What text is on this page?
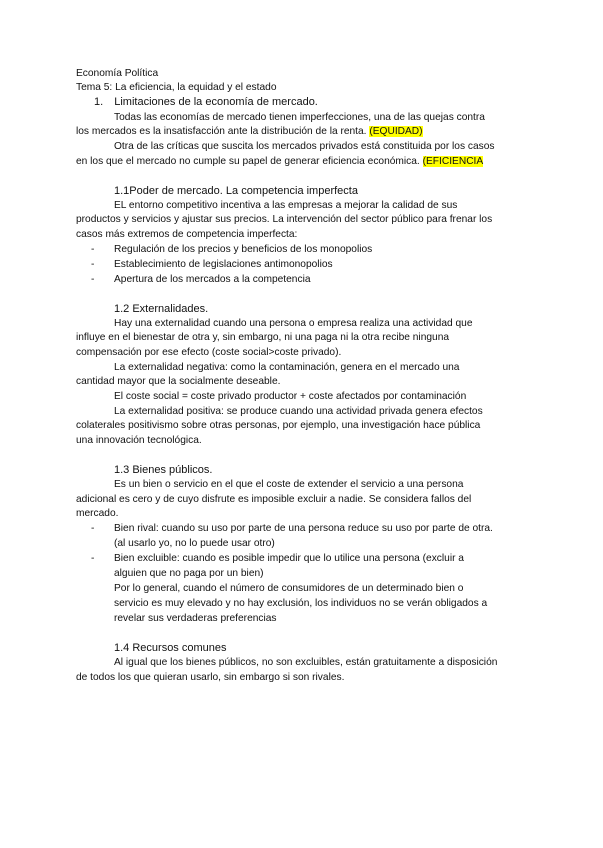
Economía Política
Tema 5: La eficiencia, la equidad y el estado
1. Limitaciones de la economía de mercado.
Todas las economías de mercado tienen imperfecciones, una de las quejas contra
los mercados es la insatisfacción ante la distribución de la renta. (EQUIDAD)
Otra de las críticas que suscita los mercados privados está constituida por los casos
en los que el mercado no cumple su papel de generar eficiencia económica. (EFICIENCIA
1.1Poder de mercado. La competencia imperfecta
EL entorno competitivo incentiva a las empresas a mejorar la calidad de sus
productos y servicios y ajustar sus precios. La intervención del sector público para frenar los
casos más extremos de competencia imperfecta:
- Regulación de los precios y beneficios de los monopolios
- Establecimiento de legislaciones antimonopolios
- Apertura de los mercados a la competencia
1.2 Externalidades.
Hay una externalidad cuando una persona o empresa realiza una actividad que
influye en el bienestar de otra y, sin embargo, ni una paga ni la otra recibe ninguna
compensación por ese efecto (coste social>coste privado).
La externalidad negativa: como la contaminación, genera en el mercado una
cantidad mayor que la socialmente deseable.
El coste social = coste privado productor + coste afectados por contaminación
La externalidad positiva: se produce cuando una actividad privada genera efectos
colaterales positivismo sobre otras personas, por ejemplo, una investigación hace pública
una innovación tecnológica.
1.3 Bienes públicos.
Es un bien o servicio en el que el coste de extender el servicio a una persona
adicional es cero y de cuyo disfrute es imposible excluir a nadie. Se considera fallos del
mercado.
- Bien rival: cuando su uso por parte de una persona reduce su uso por parte de otra.
(al usarlo yo, no lo puede usar otro)
- Bien excluible: cuando es posible impedir que lo utilice una persona (excluir a
alguien que no paga por un bien)
Por lo general, cuando el número de consumidores de un determinado bien o
servicio es muy elevado y no hay exclusión, los individuos no se verán obligados a
revelar sus verdaderas preferencias
1.4 Recursos comunes
Al igual que los bienes públicos, no son excluibles, están gratuitamente a disposición
de todos los que quieran usarlo, sin embargo si son rivales.
